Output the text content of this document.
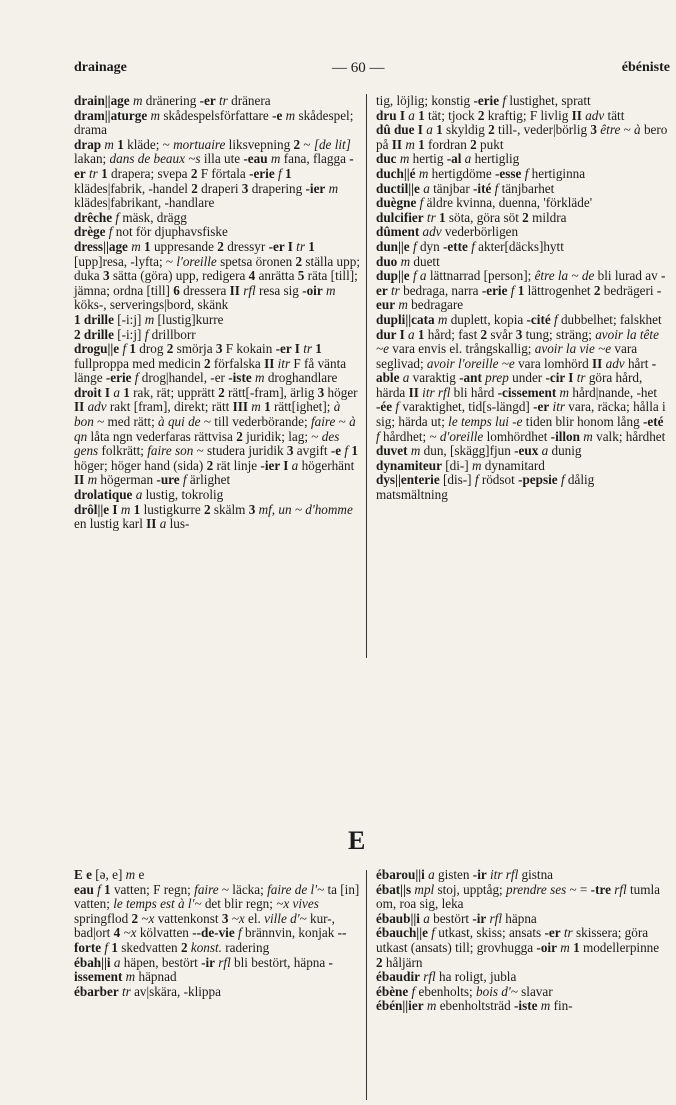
drainage	— 60 —	ébéniste

drain||age m dränering -er tr dränera

dram||aturge m skådespelsförfattare -e m skådespel; drama

drap m 1 kläde; ~ mortuaire liksvepning 2 ~ [de lit] lakan; dans de beaux ~s illa ute -eau m fana, flagga -er tr 1 drapera; svepa 2 F förtala -erie f 1 klädes|fabrik, -handel 2 draperi 3 drapering -ier m klädes|fabrikant, -handlare

drêche f mäsk, drägg

drège f not för djuphavsfiske

dress||age m 1 uppresande 2 dressyr -er I tr 1 [upp]resa, -lyfta; ~ l'oreille spetsa öronen 2 ställa upp; duka 3 sätta (göra) upp, redigera 4 anrätta 5 räta [till]; jämna; ordna [till] 6 dressera II rfl resa sig -oir m köks-, serverings|bord, skänk

1 drille [-i:j] m [lustig]kurre

2 drille [-i:j] f drillborr

drogu||e f 1 drog 2 smörja 3 F kokain -er I tr 1 fullproppa med medicin 2 förfalska II itr F få vänta länge -erie f drog|handel, -er -iste m droghandlare

droit I a 1 rak, rät; upprätt 2 rätt[-fram], ärlig 3 höger II adv rakt [fram], direkt; rätt III m 1 rätt[ighet]; à bon ~ med rätt; à qui de ~ till vederbörande; faire ~ à qn låta ngn vederfaras rättvisa 2 juridik; lag; ~ des gens folkrätt; faire son ~ studera juridik 3 avgift -e f 1 höger; höger hand (sida) 2 rät linje -ier I a högerhänt II m högerman -ure f ärlighet

drolatique a lustig, tokrolig

drôl||e I m 1 lustigkurre 2 skälm 3 mf, un ~ d'homme en lustig karl II a lus-

tig, löjlig; konstig -erie f lustighet, spratt

dru I a 1 tät; tjock 2 kraftig; F livlig II adv tätt

dû due I a 1 skyldig 2 till-, veder|börlig 3 être ~ à bero på II m 1 fordran 2 pukt

duc m hertig -al a hertiglig

duch||é m hertigdöme -esse f hertiginna

ductil||e a tänjbar -ité f tänjbarhet

duègne f äldre kvinna, duenna, 'förkläde'

dulcifier tr 1 söta, göra söt 2 mildra

dûment adv vederbörligen

dun||e f dyn -ette f akter[däcks]hytt

duo m duett

dup||e f a lättnarrad [person]; être la ~ de bli lurad av -er tr bedraga, narra -erie f 1 lättrogenhet 2 bedrägeri -eur m bedragare

dupli||cata m duplett, kopia -cité f dubbelhet; falskhet

dur I a 1 hård; fast 2 svår 3 tung; sträng; avoir la tête ~e vara envis el. trångskallig; avoir la vie ~e vara seglivad; avoir l'oreille ~e vara lomhörd II adv hårt -able a varaktig -ant prep under -cir I tr göra hård, härda II itr rfl bli hård -cissement m hård|nande, -het -ée f varaktighet, tid[s-längd] -er itr vara, räcka; hålla i sig; härda ut; le temps lui -e tiden blir honom lång -eté f hårdhet; ~ d'oreille lomhördhet -illon m valk; hårdhet

duvet m dun, [skägg]fjun -eux a dunig

dynamiteur [di-] m dynamitard

dys||enterie [dis-] f rödsot -pepsie f dålig matsmältning

E

E e [ə, e] m e

eau f 1 vatten; F regn; faire ~ läcka; faire de l'~ ta [in] vatten; le temps est à l'~ det blir regn; ~x vives springflod 2 ~x vattenkonst 3 ~x el. ville d'~ kur-, bad|ort 4 ~x kölvatten --de-vie f brännvin, konjak --forte f 1 skedvatten 2 konst. radering

ébah||i a häpen, bestört -ir rfl bli bestört, häpna -issement m häpnad

ébarber tr av|skära, -klippa

ébarou||i a gisten -ir itr rfl gistna

ébat||s mpl stoj, upptåg; prendre ses ~ = -tre rfl tumla om, roa sig, leka

ébaub||i a bestört -ir rfl häpna

ébauch||e f utkast, skiss; ansats -er tr skissera; göra utkast (ansats) till; grovhugga -oir m 1 modellerpinne 2 håljärn

ébaudir rfl ha roligt, jubla

ébène f ebenholts; bois d'~ slavar

ébén||ier m ebenholtsträd -iste m fin-
